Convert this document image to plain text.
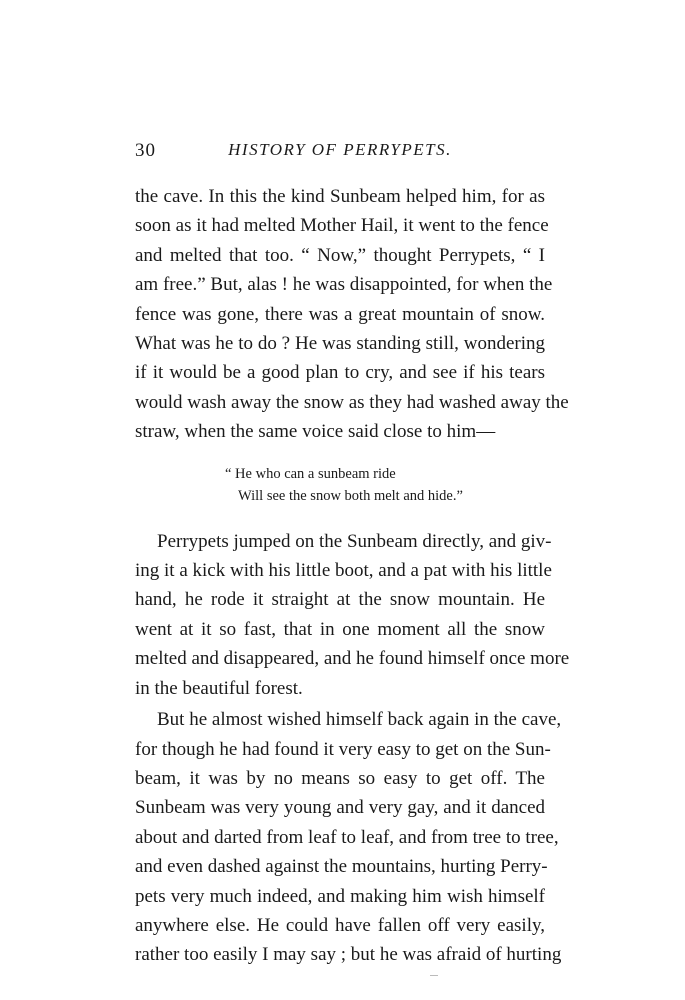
30	HISTORY OF PERRYPETS.

the cave. In this the kind Sunbeam helped him, for as
soon as it had melted Mother Hail, it went to the fence
and melted that too. “ Now,” thought Perrypets, “ I
am free.” But, alas ! he was disappointed, for when the
fence was gone, there was a great mountain of snow.
What was he to do ? He was standing still, wondering
if it would be a good plan to cry, and see if his tears
would wash away the snow as they had washed away the
straw, when the same voice said close to him—

“ He who can a sunbeam ride
Will see the snow both melt and hide.”

Perrypets jumped on the Sunbeam directly, and giv-
ing it a kick with his little boot, and a pat with his little
hand, he rode it straight at the snow mountain. He
went at it so fast, that in one moment all the snow
melted and disappeared, and he found himself once more
in the beautiful forest.

But he almost wished himself back again in the cave,
for though he had found it very easy to get on the Sun-
beam, it was by no means so easy to get off. The
Sunbeam was very young and very gay, and it danced
about and darted from leaf to leaf, and from tree to tree,
and even dashed against the mountains, hurting Perry-
pets very much indeed, and making him wish himself
anywhere else. He could have fallen off very easily,
rather too easily I may say ; but he was afraid of hurting
